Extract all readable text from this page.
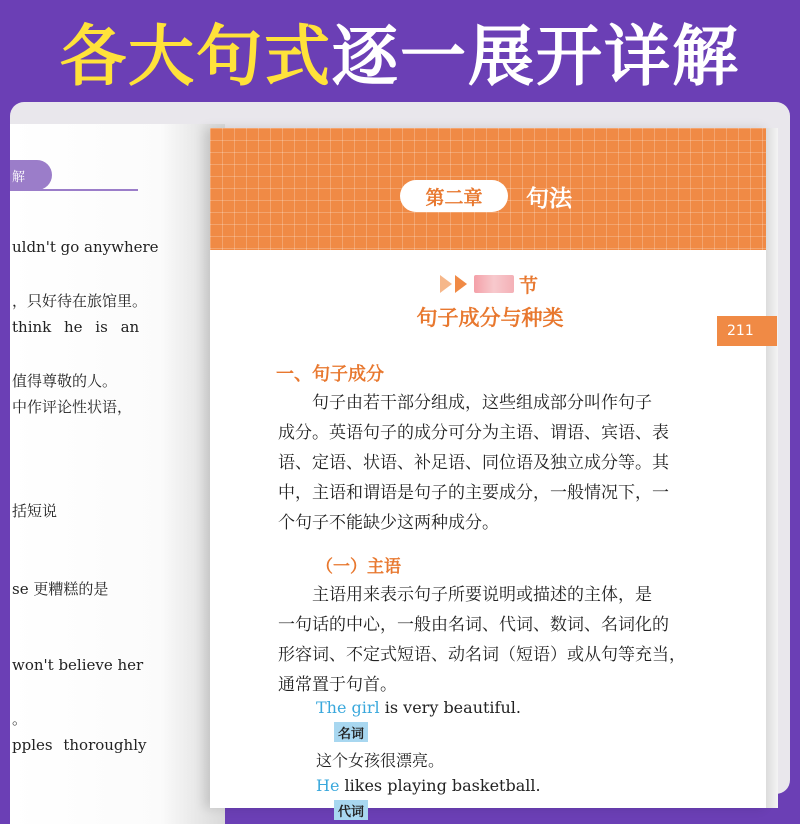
各大句式 逐一展开详解
解
uldn't go anywhere
，只好待在旅馆里。
think he is an
值得尊敬的人。
中作评论性状语，
括短说
se 更糟糕的是
won't believe her
。
pples thoroughly
第二章	句法
节
句子成分与种类
一、句子成分
句子由若干部分组成，这些组成部分叫作句子
成分。英语句子的成分可分为主语、谓语、宾语、表
语、定语、状语、补足语、同位语及独立成分等。其
中，主语和谓语是句子的主要成分，一般情况下，一
个句子不能缺少这两种成分。
（一）主语
主语用来表示句子所要说明或描述的主体，是
一句话的中心，一般由名词、代词、数词、名词化的
形容词、不定式短语、动名词（短语）或从句等充当，
通常置于句首。
The girl is very beautiful.
名词
这个女孩很漂亮。
He likes playing basketball.
代词
211
